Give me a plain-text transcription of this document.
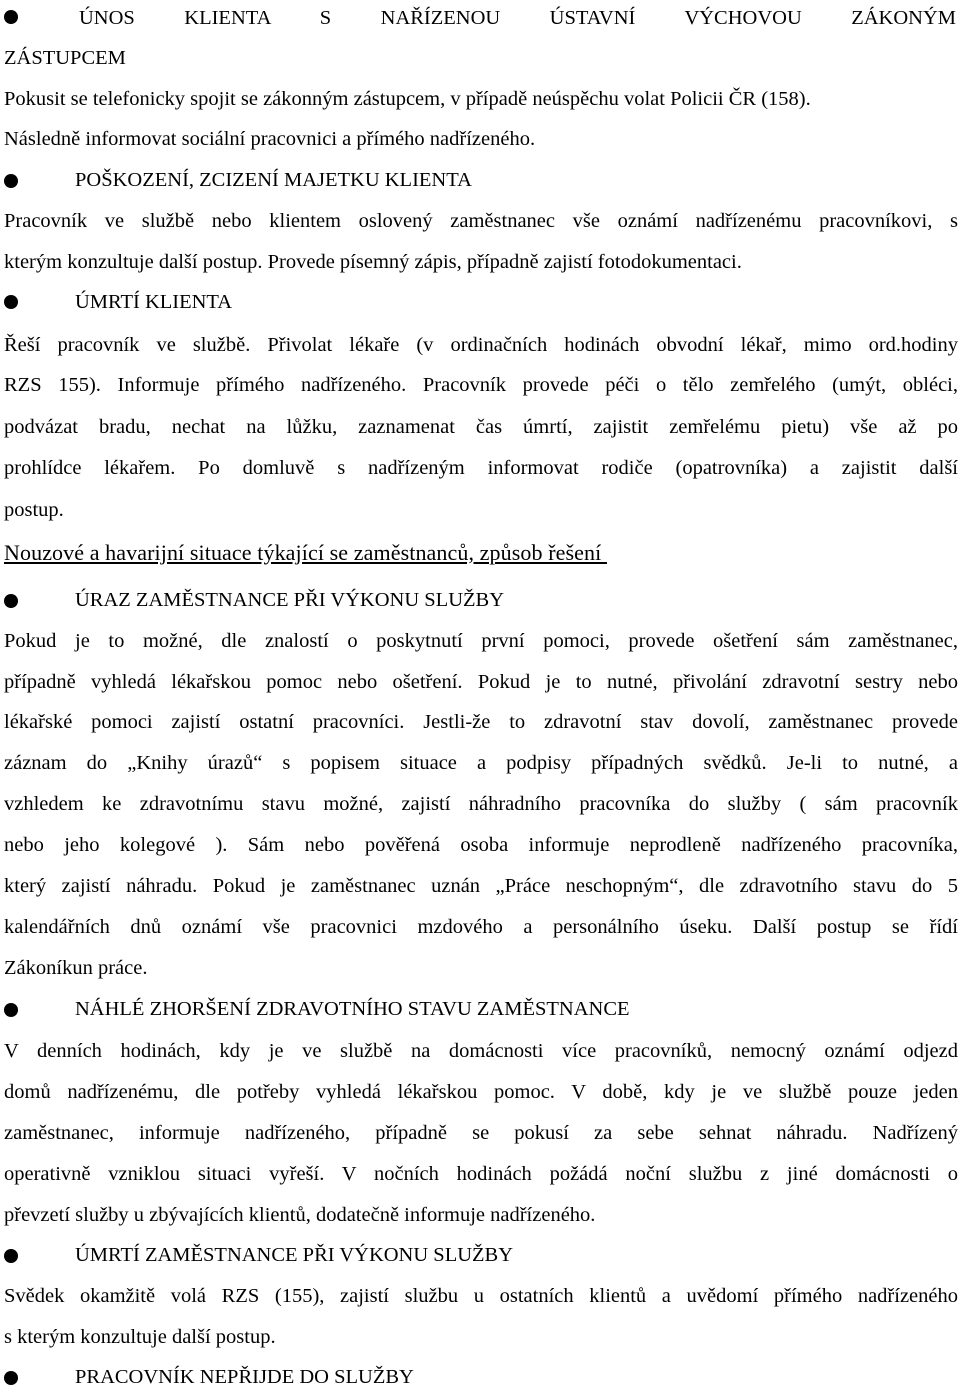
ÚNOS KLIENTA S NAŘÍZENOU ÚSTAVNÍ VÝCHOVOU ZÁKONÝM
ZÁSTUPCEM
Pokusit se telefonicky spojit se zákonným zástupcem, v případě neúspěchu volat Policii ČR (158).
Následně informovat sociální pracovnici a přímého nadřízeného.
POŠKOZENÍ, ZCIZENÍ MAJETKU KLIENTA
Pracovník ve službě nebo klientem oslovený zaměstnanec vše oznámí nadřízenému pracovníkovi, s
kterým konzultuje další postup. Provede písemný zápis, případně zajistí fotodokumentaci.
ÚMRTÍ KLIENTA
Řeší pracovník ve službě. Přivolat lékaře (v ordinačních hodinách obvodní lékař, mimo ord.hodiny
RZS 155). Informuje přímého nadřízeného. Pracovník provede péči o tělo zemřelého (umýt, obléci,
podvázat bradu, nechat na lůžku, zaznamenat čas úmrtí, zajistit zemřelému pietu) vše až po
prohlídce lékařem. Po domluvě s nadřízeným informovat rodiče (opatrovníka) a zajistit další
postup.
Nouzové a havarijní situace týkající se zaměstnanců, způsob řešení
ÚRAZ ZAMĚSTNANCE PŘI VÝKONU SLUŽBY
Pokud je to možné, dle znalostí o poskytnutí první pomoci, provede ošetření sám zaměstnanec,
případně vyhledá lékařskou pomoc nebo ošetření. Pokud je to nutné, přivolání zdravotní sestry nebo
lékařské pomoci zajistí ostatní pracovníci. Jestli-že to zdravotní stav dovolí, zaměstnanec provede
záznam do „Knihy úrazů“ s popisem situace a podpisy případných svědků. Je-li to nutné, a
vzhledem ke zdravotnímu stavu možné, zajistí náhradního pracovníka do služby ( sám pracovník
nebo jeho kolegové ). Sám nebo pověřená osoba informuje neprodleně nadřízeného pracovníka,
který zajistí náhradu. Pokud je zaměstnanec uznán „Práce neschopným“, dle zdravotního stavu do 5
kalendářních dnů oznámí vše pracovnici mzdového a personálního úseku. Další postup se řídí
Zákoníkun práce.
NÁHLÉ ZHORŠENÍ ZDRAVOTNÍHO STAVU ZAMĚSTNANCE
V denních hodinách, kdy je ve službě na domácnosti více pracovníků, nemocný oznámí odjezd
domů nadřízenému, dle potřeby vyhledá lékařskou pomoc. V době, kdy je ve službě pouze jeden
zaměstnanec, informuje nadřízeného, případně se pokusí za sebe sehnat náhradu. Nadřízený
operativně vzniklou situaci vyřeší. V nočních hodinách požádá noční službu z jiné domácnosti o
převzetí služby u zbývajících klientů, dodatečně informuje nadřízeného.
ÚMRTÍ ZAMĚSTNANCE PŘI VÝKONU SLUŽBY
Svědek okamžitě volá RZS (155), zajistí službu u ostatních klientů a uvědomí přímého nadřízeného
s kterým konzultuje další postup.
PRACOVNÍK NEPŘIJDE DO SLUŽBY
